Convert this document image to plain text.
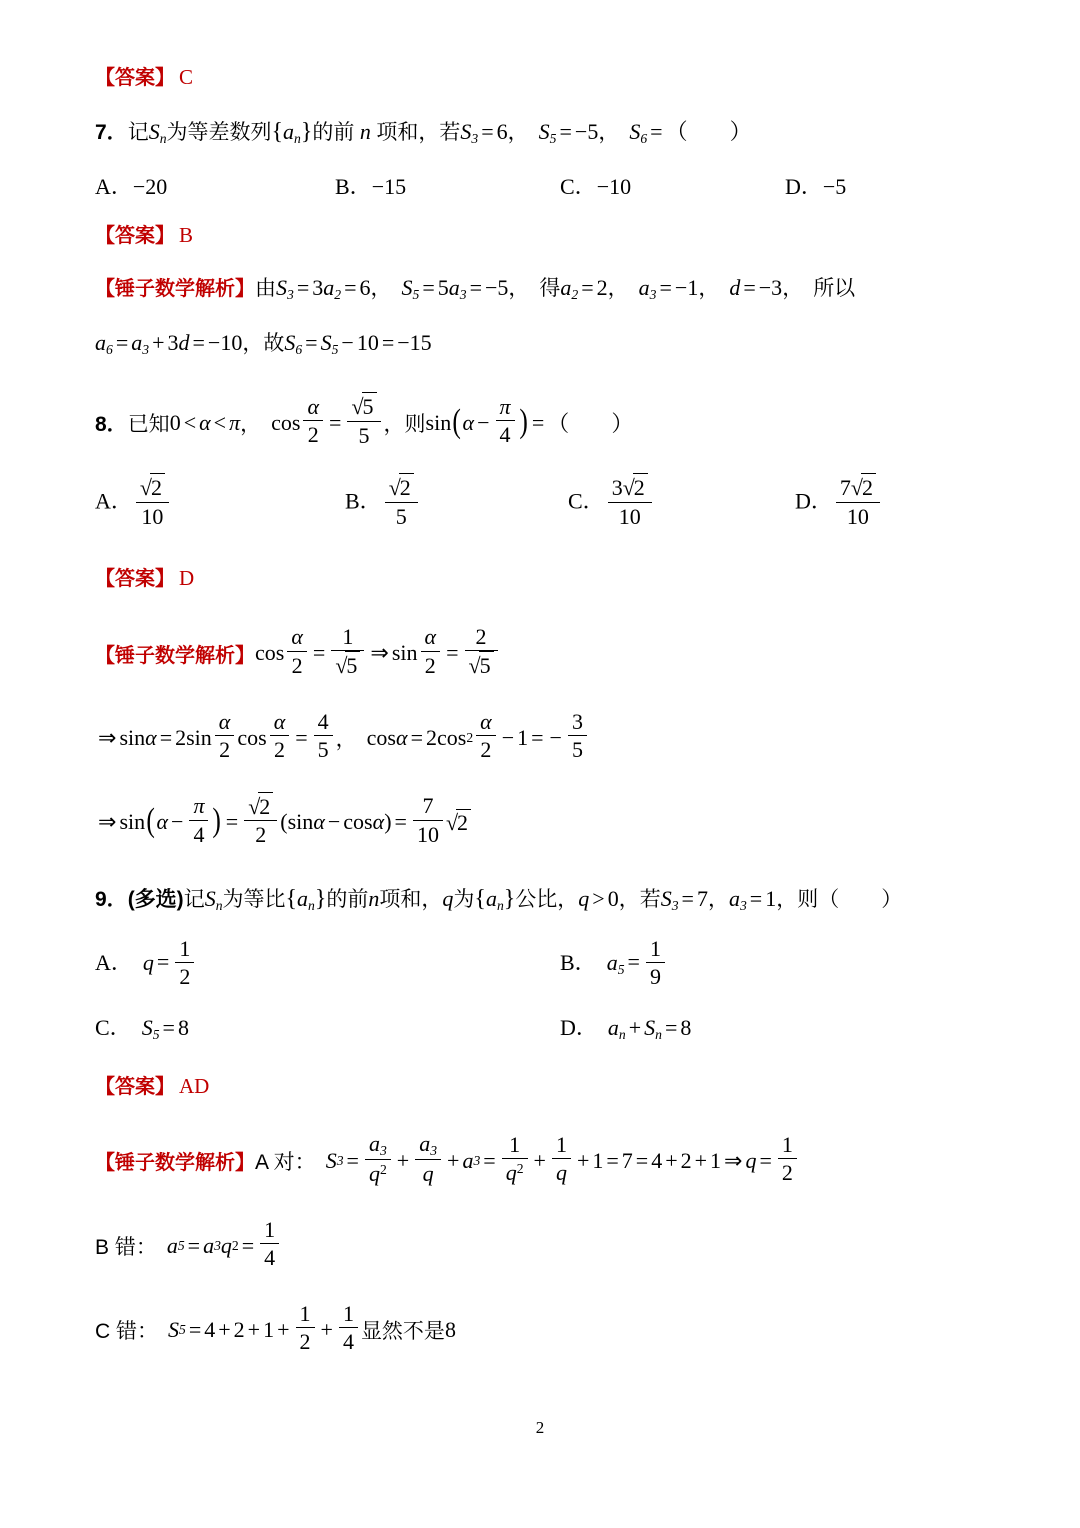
【答案】 C
7．记$S_n$为等差数列$\{a_n\}$的前 n 项和，若$S_3 = 6$， $S_5 = -5$， $S_6$ = （ ）
A．−20	B．−15	C．−10	D．−5
【答案】 B
【锤子数学解析】由$S_3 = 3a_2 = 6$， $S_5 = 5a_3 = -5$， 得$a_2 = 2$， $a_3 = -1$， d = −3， 所以
$a_6 = a_3 + 3d = -10$，故$S_6 = S_5 - 10 = -15$
8． 已知 0 < α < π ， $\cos \frac{\alpha}{2} = \frac{√5}{5}$ ， 则 sin ( $\alpha - \frac{\pi}{4}$ ) = （ ）
A． $\frac{√2}{10}$	B． $\frac{√2}{5}$	C． $\frac{3√2}{10}$	D． $\frac{7√2}{10}$
【答案】 D
【锤子数学解析】 $\cos \frac{\alpha}{2} = \frac{1}{√5}$ ⇒ $\sin \frac{\alpha}{2} = \frac{2}{√5}$
⇒ sin α = 2 $\sin \frac{\alpha}{2}$ $\cos \frac{\alpha}{2} = \frac{4}{5}$ ， cos α = 2 $\cos 2 \frac{\alpha}{2} - 1$ = − $\frac{3}{5}$
⇒ sin ( $\alpha - \frac{\pi}{4}$ ) = $\frac{√2}{2}$ ( sin α − cos α ) = $\frac{7}{10} √2$
9．(多选)记$S_n$为等比$\{a_n\}$的前n项和，q为$\{a_n\}$公比，q > 0，若$S_3 = 7$，$a_3 = 1$，则（ ）
A． $q = \frac{1}{2}$	B． $a_5 = \frac{1}{9}$
C． $S_5 = 8$	D． $a_n + S_n = 8$
【答案】 AD
【锤子数学解析】 A 对： S $3 = \frac{a_3}{q^2} + \frac{a_3}{q} + a$ $3 = \frac{1}{q^2} + \frac{1}{q} + 1 = 7 = 4 + 2 + 1$ ⇒ $q = \frac{1}{2}$
B 错： a 5 = a 3 q $2 = \frac{1}{4}$
C 错： S $5 = 4 + 2 + 1 + \frac{1}{2} + \frac{1}{4}$ 显然不是 8
2
